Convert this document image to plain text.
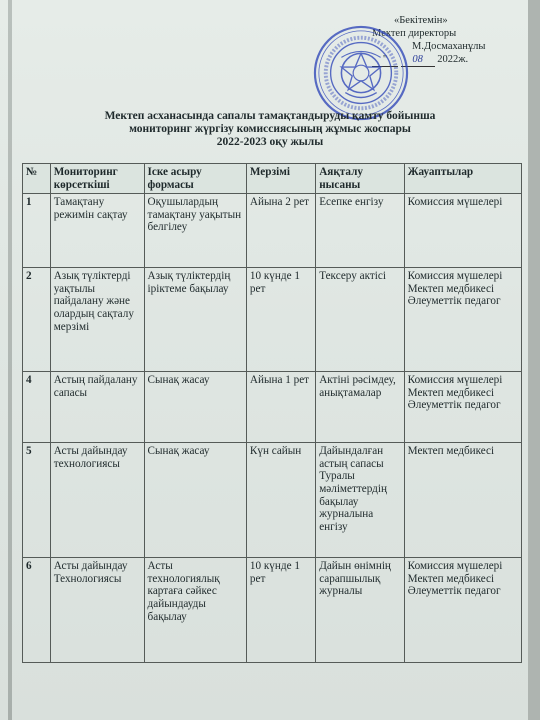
«Бекітемін»
Мектеп директоры
М.Досмаханұлы
" 08 2022ж.
Мектеп асханасында сапалы тамақтандыруды қамту бойынша
мониторинг жүргізу комиссиясының жұмыс жоспары
2022-2023 оқу жылы
№	Мониторинг көрсеткіші	Іске асыру формасы	Мерзімі	Аяқталу нысаны	Жауаптылар
1	Тамақтану режимін сақтау	Оқушылардың тамақтану уақытын белгілеу	Айына 2 рет	Есепке енгізу	Комиссия мүшелері
2	Азық түліктерді уақтылы пайдалану және олардың сақталу мерзімі	Азық түліктердің іріктеме бақылау	10 күнде 1 рет	Тексеру актісі	Комиссия мүшелері Мектеп медбикесі Әлеуметтік педагог
4	Астың пайдалану сапасы	Сынақ жасау	Айына 1 рет	Актіні рәсімдеу, анықтамалар	Комиссия мүшелері Мектеп медбикесі Әлеуметтік педагог
5	Асты дайындау технологиясы	Сынақ жасау	Күн сайын	Дайындалған астың сапасы Туралы мәліметтердің бақылау журналына енгізу	Мектеп медбикесі
6	Асты дайындау Технологиясы	Асты технологиялық картаға сәйкес дайындауды бақылау	10 күнде 1 рет	Дайын өнімнің сарапшылық журналы	Комиссия мүшелері Мектеп медбикесі Әлеуметтік педагог
